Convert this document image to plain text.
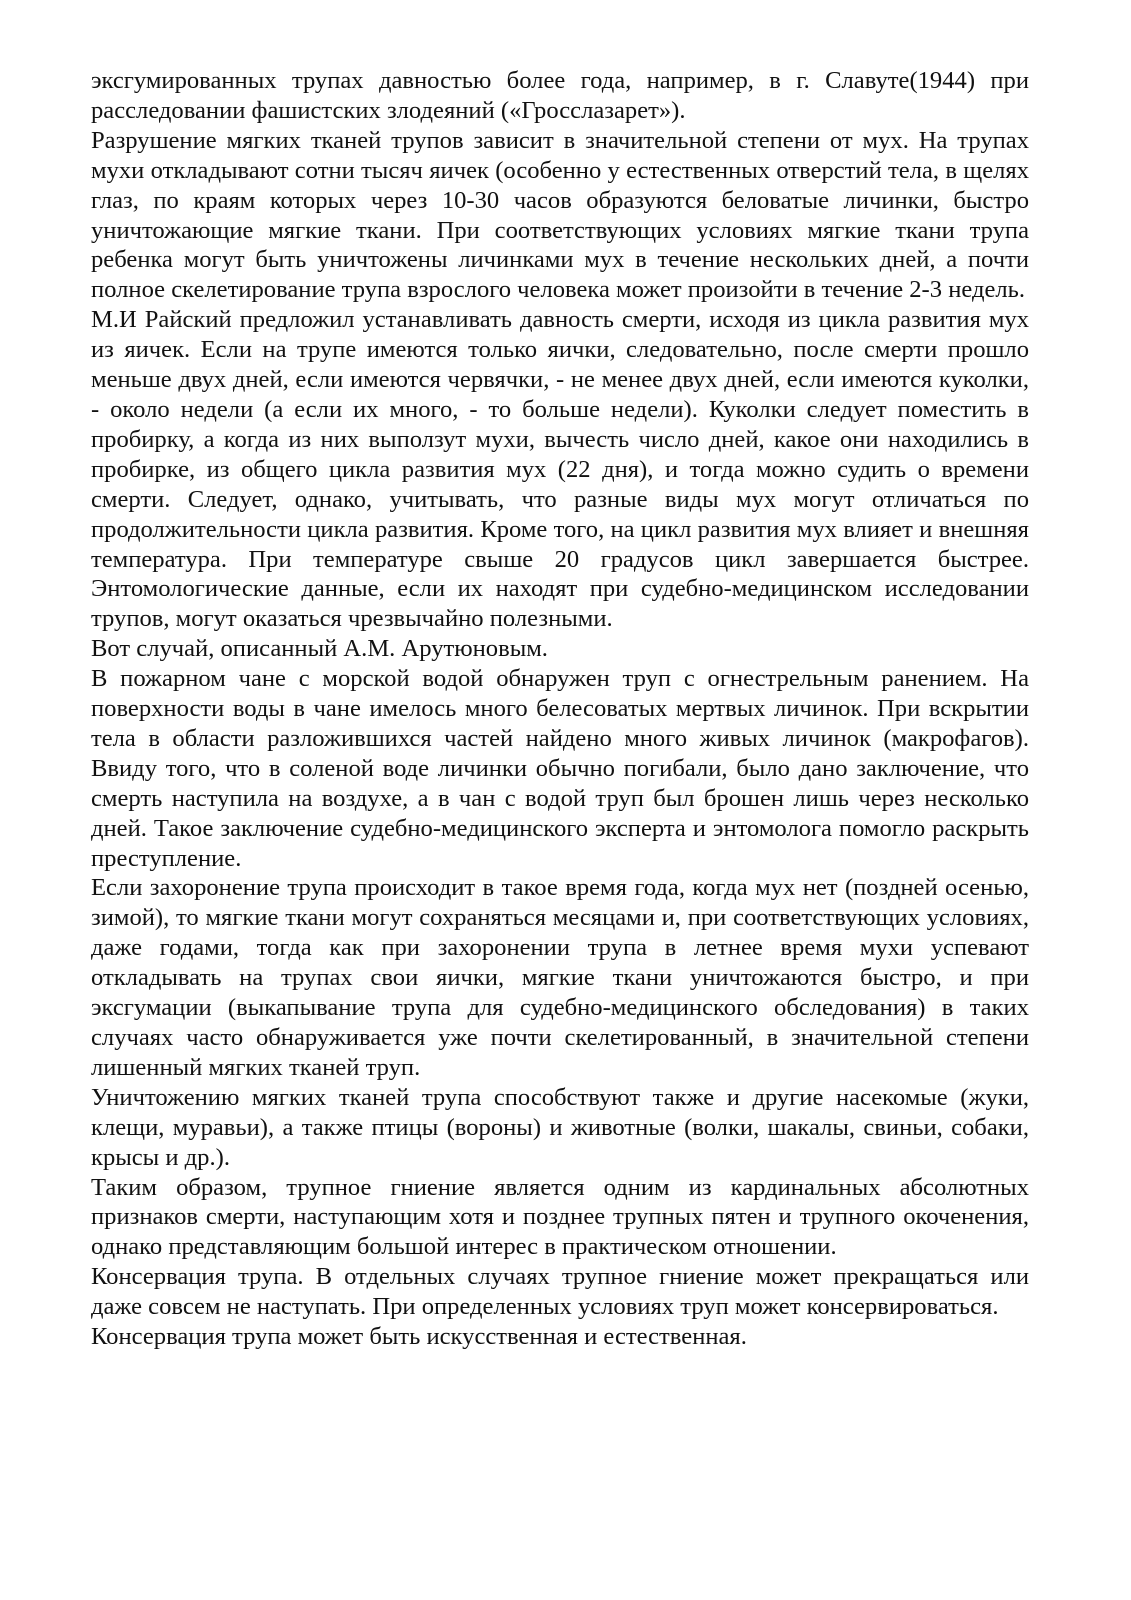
эксгумированных трупах давностью более года, например, в г. Славуте(1944) при расследовании фашистских злодеяний («Гросслазарет»).

Разрушение мягких тканей трупов зависит в значительной степени от мух. На трупах мухи откладывают сотни тысяч яичек (особенно у естественных отверстий тела, в щелях глаз, по краям которых через 10-30 часов образуются беловатые личинки, быстро уничтожающие мягкие ткани. При соответствующих условиях мягкие ткани трупа ребенка могут быть уничтожены личинками мух в течение нескольких дней, а почти полное скелетирование трупа взрослого человека может произойти в течение 2-3 недель.

М.И Райский предложил устанавливать давность смерти, исходя из цикла развития мух из яичек. Если на трупе имеются только яички, следовательно, после смерти прошло меньше двух дней, если имеются червячки, - не менее двух дней, если имеются куколки, - около недели (а если их много, - то больше недели). Куколки следует поместить в пробирку, а когда из них выползут мухи, вычесть число дней, какое они находились в пробирке, из общего цикла развития мух (22 дня), и тогда можно судить о времени смерти. Следует, однако, учитывать, что разные виды мух могут отличаться по продолжительности цикла развития. Кроме того, на цикл развития мух влияет и внешняя температура. При температуре свыше 20 градусов цикл завершается быстрее. Энтомологические данные, если их находят при судебно-медицинском исследовании трупов, могут оказаться чрезвычайно полезными.

Вот случай, описанный А.М. Арутюновым.

В пожарном чане с морской водой обнаружен труп с огнестрельным ранением. На поверхности воды в чане имелось много белесоватых мертвых личинок. При вскрытии тела в области разложившихся частей найдено много живых личинок (макрофагов). Ввиду того, что в соленой воде личинки обычно погибали, было дано заключение, что смерть наступила на воздухе, а в чан с водой труп был брошен лишь через несколько дней. Такое заключение судебно-медицинского эксперта и энтомолога помогло раскрыть преступление.

Если захоронение трупа происходит в такое время года, когда мух нет (поздней осенью, зимой), то мягкие ткани могут сохраняться месяцами и, при соответствующих условиях, даже годами, тогда как при захоронении трупа в летнее время мухи успевают откладывать на трупах свои яички, мягкие ткани уничтожаются быстро, и при эксгумации (выкапывание трупа для судебно-медицинского обследования) в таких случаях часто обнаруживается уже почти скелетированный, в значительной степени лишенный мягких тканей труп.

Уничтожению мягких тканей трупа способствуют также и другие насекомые (жуки, клещи, муравьи), а также птицы (вороны) и животные (волки, шакалы, свиньи, собаки, крысы и др.).

Таким образом, трупное гниение является одним из кардинальных абсолютных признаков смерти, наступающим хотя и позднее трупных пятен и трупного окоченения, однако представляющим большой интерес в практическом отношении.

Консервация трупа. В отдельных случаях трупное гниение может прекращаться или даже совсем не наступать. При определенных условиях труп может консервироваться.

Консервация трупа может быть искусственная и естественная.
